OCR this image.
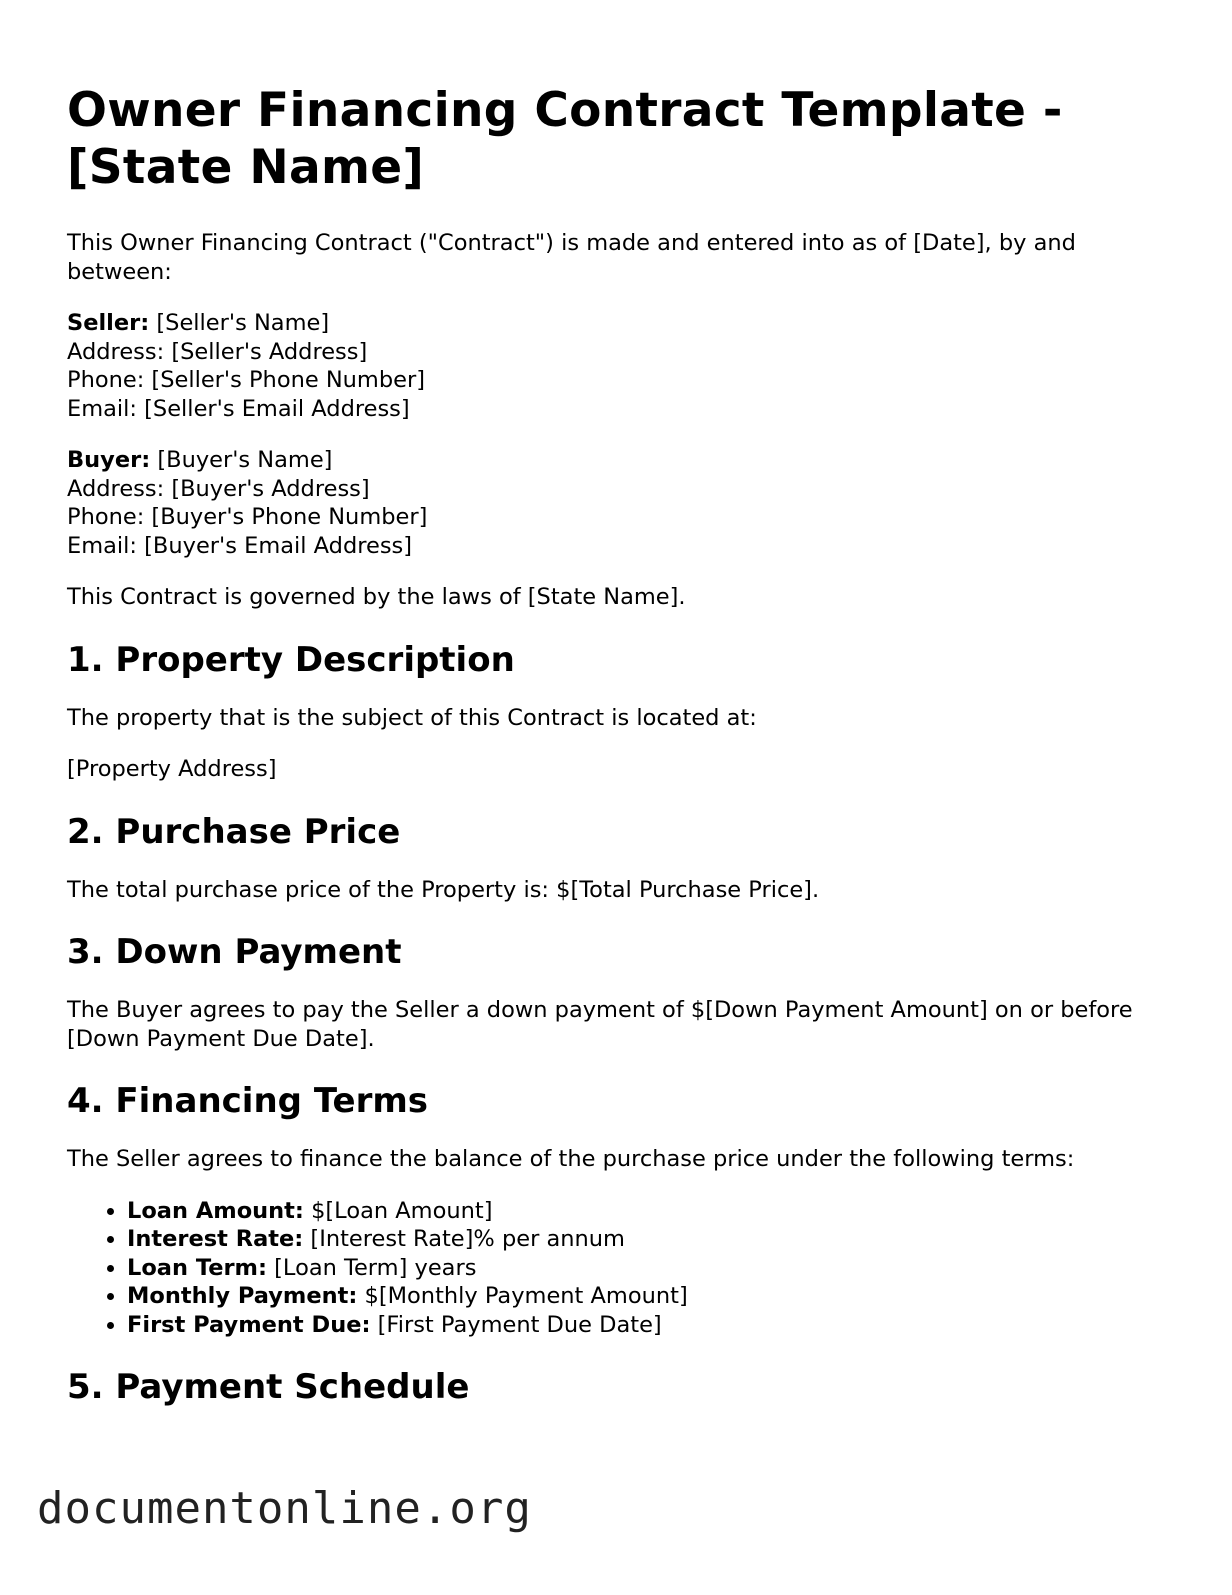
Owner Financing Contract Template - [State Name]

This Owner Financing Contract ("Contract") is made and entered into as of [Date], by and between:

Seller: [Seller's Name]
Address: [Seller's Address]
Phone: [Seller's Phone Number]
Email: [Seller's Email Address]
Buyer: [Buyer's Name]
Address: [Buyer's Address]
Phone: [Buyer's Phone Number]
Email: [Buyer's Email Address]

This Contract is governed by the laws of [State Name].

1. Property Description

The property that is the subject of this Contract is located at:

[Property Address]

2. Purchase Price

The total purchase price of the Property is: $[Total Purchase Price].

3. Down Payment

The Buyer agrees to pay the Seller a down payment of $[Down Payment Amount] on or before [Down Payment Due Date].

4. Financing Terms

The Seller agrees to finance the balance of the purchase price under the following terms:

• Loan Amount: $[Loan Amount]
• Interest Rate: [Interest Rate]% per annum
• Loan Term: [Loan Term] years
• Monthly Payment: $[Monthly Payment Amount]
• First Payment Due: [First Payment Due Date]
5. Payment Schedule
documentonline.org
